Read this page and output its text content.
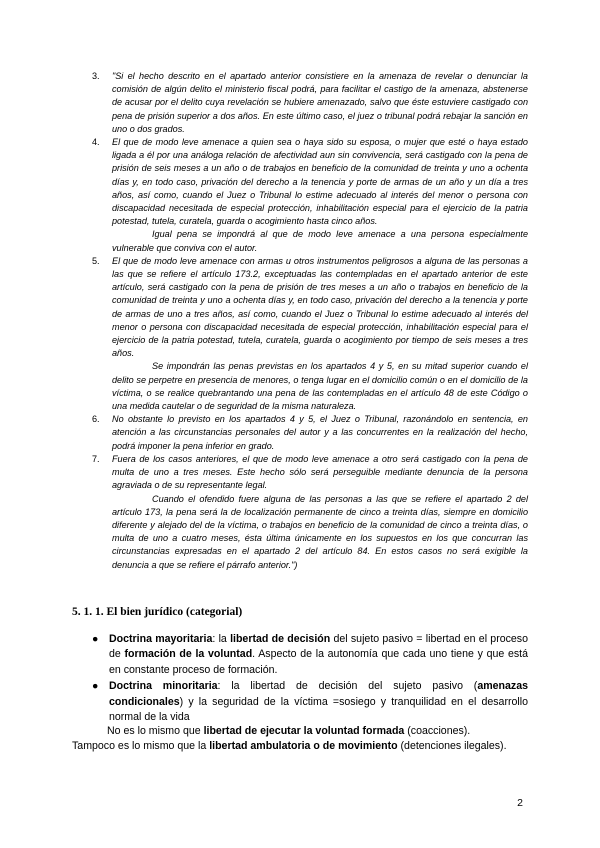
3. "Si el hecho descrito en el apartado anterior consistiere en la amenaza de revelar o denunciar la comisión de algún delito el ministerio fiscal podrá, para facilitar el castigo de la amenaza, abstenerse de acusar por el delito cuya revelación se hubiere amenazado, salvo que éste estuviere castigado con pena de prisión superior a dos años. En este último caso, el juez o tribunal podrá rebajar la sanción en uno o dos grados.

4. El que de modo leve amenace a quien sea o haya sido su esposa, o mujer que esté o haya estado ligada a él por una análoga relación de afectividad aun sin convivencia, será castigado con la pena de prisión de seis meses a un año o de trabajos en beneficio de la comunidad de treinta y uno a ochenta días y, en todo caso, privación del derecho a la tenencia y porte de armas de un año y un día a tres años, así como, cuando el Juez o Tribunal lo estime adecuado al interés del menor o persona con discapacidad necesitada de especial protección, inhabilitación especial para el ejercicio de la patria potestad, tutela, curatela, guarda o acogimiento hasta cinco años.

Igual pena se impondrá al que de modo leve amenace a una persona especialmente vulnerable que conviva con el autor.

5. El que de modo leve amenace con armas u otros instrumentos peligrosos a alguna de las personas a las que se refiere el artículo 173.2, exceptuadas las contempladas en el apartado anterior de este artículo, será castigado con la pena de prisión de tres meses a un año o trabajos en beneficio de la comunidad de treinta y uno a ochenta días y, en todo caso, privación del derecho a la tenencia y porte de armas de uno a tres años, así como, cuando el Juez o Tribunal lo estime adecuado al interés del menor o persona con discapacidad necesitada de especial protección, inhabilitación especial para el ejercicio de la patria potestad, tutela, curatela, guarda o acogimiento por tiempo de seis meses a tres años.

Se impondrán las penas previstas en los apartados 4 y 5, en su mitad superior cuando el delito se perpetre en presencia de menores, o tenga lugar en el domicilio común o en el domicilio de la víctima, o se realice quebrantando una pena de las contempladas en el artículo 48 de este Código o una medida cautelar o de seguridad de la misma naturaleza.

6. No obstante lo previsto en los apartados 4 y 5, el Juez o Tribunal, razonándolo en sentencia, en atención a las circunstancias personales del autor y a las concurrentes en la realización del hecho, podrá imponer la pena inferior en grado.

7. Fuera de los casos anteriores, el que de modo leve amenace a otro será castigado con la pena de multa de uno a tres meses. Este hecho sólo será perseguible mediante denuncia de la persona agraviada o de su representante legal.

Cuando el ofendido fuere alguna de las personas a las que se refiere el apartado 2 del artículo 173, la pena será la de localización permanente de cinco a treinta días, siempre en domicilio diferente y alejado del de la víctima, o trabajos en beneficio de la comunidad de cinco a treinta días, o multa de uno a cuatro meses, ésta última únicamente en los supuestos en los que concurran las circunstancias expresadas en el apartado 2 del artículo 84. En estos casos no será exigible la denuncia a que se refiere el párrafo anterior.")

5. 1. 1. El bien jurídico (categorial)
● Doctrina mayoritaria: la libertad de decisión del sujeto pasivo = libertad en el proceso de formación de la voluntad. Aspecto de la autonomía que cada uno tiene y que está en constante proceso de formación.
● Doctrina minoritaria: la libertad de decisión del sujeto pasivo (amenazas condicionales) y la seguridad de la víctima =sosiego y tranquilidad en el desarrollo normal de la vida

No es lo mismo que libertad de ejecutar la voluntad formada (coacciones).
Tampoco es lo mismo que la libertad ambulatoria o de movimiento (detenciones ilegales).

2
